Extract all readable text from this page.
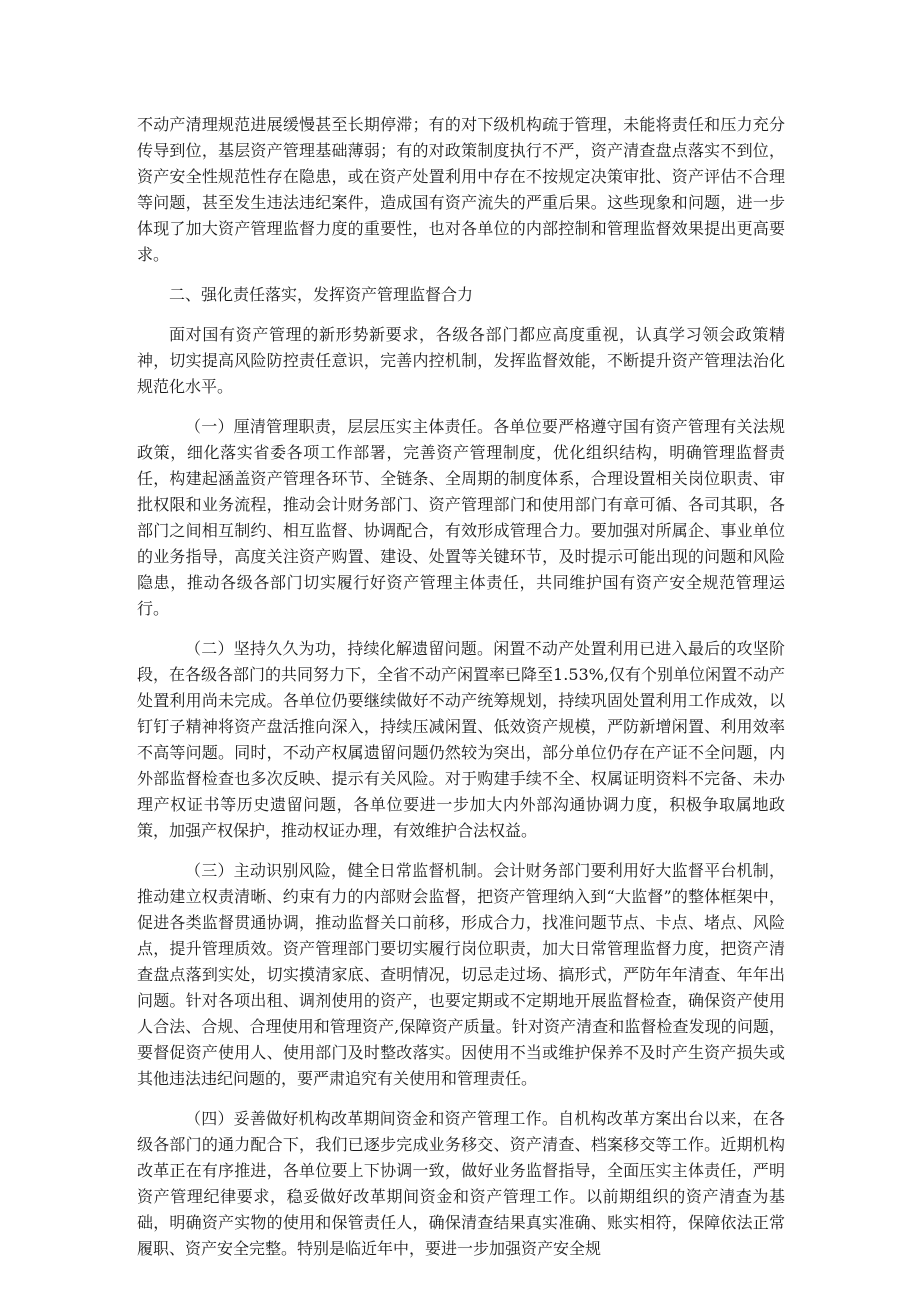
不动产清理规范进展缓慢甚至长期停滞；有的对下级机构疏于管理，未能将责任和压力充分传导到位，基层资产管理基础薄弱；有的对政策制度执行不严，资产清查盘点落实不到位，资产安全性规范性存在隐患，或在资产处置利用中存在不按规定决策审批、资产评估不合理等问题，甚至发生违法违纪案件，造成国有资产流失的严重后果。这些现象和问题，进一步体现了加大资产管理监督力度的重要性，也对各单位的内部控制和管理监督效果提出更高要求。

二、强化责任落实，发挥资产管理监督合力

面对国有资产管理的新形势新要求，各级各部门都应高度重视，认真学习领会政策精神，切实提高风险防控责任意识，完善内控机制，发挥监督效能，不断提升资产管理法治化规范化水平。

（一）厘清管理职责，层层压实主体责任。各单位要严格遵守国有资产管理有关法规政策，细化落实省委各项工作部署，完善资产管理制度，优化组织结构，明确管理监督责任，构建起涵盖资产管理各环节、全链条、全周期的制度体系，合理设置相关岗位职责、审批权限和业务流程，推动会计财务部门、资产管理部门和使用部门有章可循、各司其职，各部门之间相互制约、相互监督、协调配合，有效形成管理合力。要加强对所属企、事业单位的业务指导，高度关注资产购置、建设、处置等关键环节，及时提示可能出现的问题和风险隐患，推动各级各部门切实履行好资产管理主体责任，共同维护国有资产安全规范管理运行。

（二）坚持久久为功，持续化解遗留问题。闲置不动产处置利用已进入最后的攻坚阶段，在各级各部门的共同努力下，全省不动产闲置率已降至1.53%,仅有个别单位闲置不动产处置利用尚未完成。各单位仍要继续做好不动产统筹规划，持续巩固处置利用工作成效，以钉钉子精神将资产盘活推向深入，持续压减闲置、低效资产规模，严防新增闲置、利用效率不高等问题。同时，不动产权属遗留问题仍然较为突出，部分单位仍存在产证不全问题，内外部监督检查也多次反映、提示有关风险。对于购建手续不全、权属证明资料不完备、未办理产权证书等历史遗留问题，各单位要进一步加大内外部沟通协调力度，积极争取属地政策，加强产权保护，推动权证办理，有效维护合法权益。

（三）主动识别风险，健全日常监督机制。会计财务部门要利用好大监督平台机制，推动建立权责清晰、约束有力的内部财会监督，把资产管理纳入到“大监督”的整体框架中，促进各类监督贯通协调，推动监督关口前移，形成合力，找准问题节点、卡点、堵点、风险点，提升管理质效。资产管理部门要切实履行岗位职责，加大日常管理监督力度，把资产清查盘点落到实处，切实摸清家底、查明情况，切忌走过场、搞形式，严防年年清查、年年出问题。针对各项出租、调剂使用的资产，也要定期或不定期地开展监督检查，确保资产使用人合法、合规、合理使用和管理资产,保障资产质量。针对资产清查和监督检查发现的问题，要督促资产使用人、使用部门及时整改落实。因使用不当或维护保养不及时产生资产损失或其他违法违纪问题的，要严肃追究有关使用和管理责任。

（四）妥善做好机构改革期间资金和资产管理工作。自机构改革方案出台以来，在各级各部门的通力配合下，我们已逐步完成业务移交、资产清查、档案移交等工作。近期机构改革正在有序推进，各单位要上下协调一致，做好业务监督指导，全面压实主体责任，严明资产管理纪律要求，稳妥做好改革期间资金和资产管理工作。以前期组织的资产清查为基础，明确资产实物的使用和保管责任人，确保清查结果真实准确、账实相符，保障依法正常履职、资产安全完整。特别是临近年中，要进一步加强资产安全规
